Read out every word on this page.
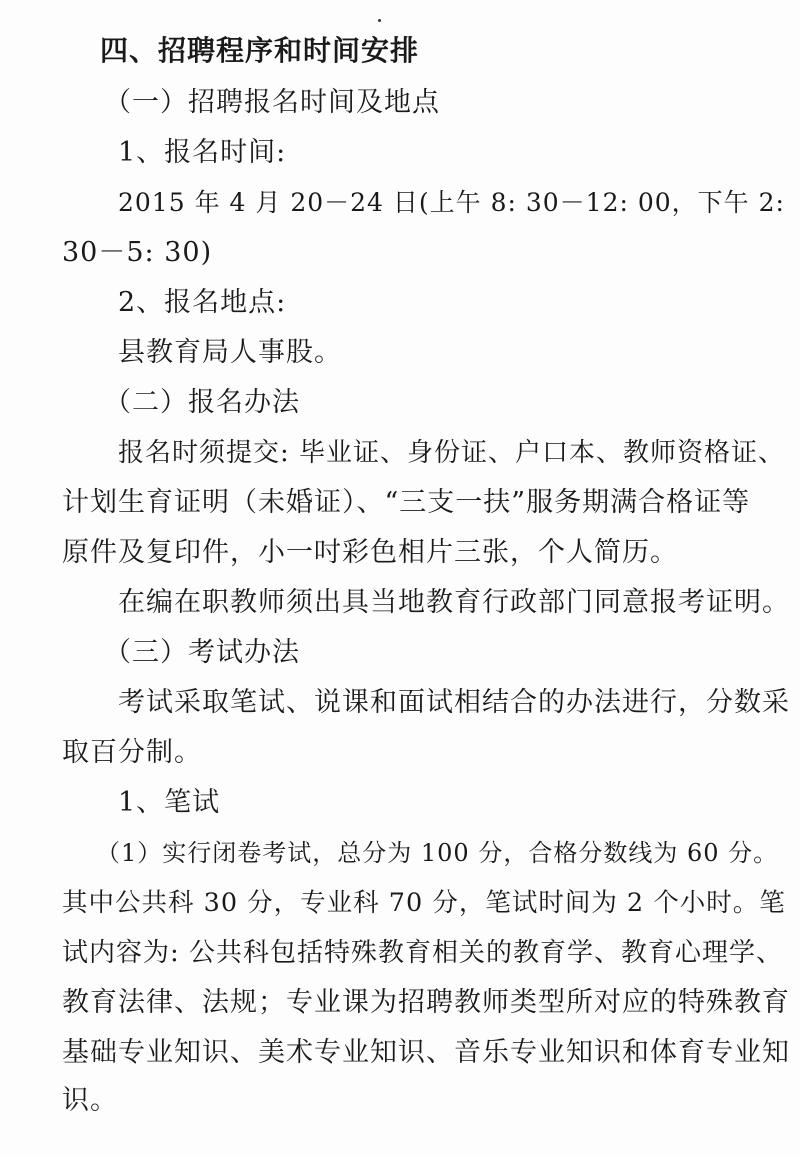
四、招聘程序和时间安排
（一）招聘报名时间及地点
1、报名时间:
2015 年 4 月 20－24 日(上午 8: 30－12: 00，下午 2:
30－5: 30)
2、报名地点:
县教育局人事股。
（二）报名办法
报名时须提交: 毕业证、身份证、户口本、教师资格证、
计划生育证明（未婚证）、“三支一扶”服务期满合格证等
原件及复印件，小一吋彩色相片三张，个人简历。
在编在职教师须出具当地教育行政部门同意报考证明。
（三）考试办法
考试采取笔试、说课和面试相结合的办法进行，分数采
取百分制。
1、笔试
（1）实行闭卷考试，总分为 100 分，合格分数线为 60 分。
其中公共科 30 分，专业科 70 分，笔试时间为 2 个小时。笔
试内容为: 公共科包括特殊教育相关的教育学、教育心理学、
教育法律、法规；专业课为招聘教师类型所对应的特殊教育
基础专业知识、美术专业知识、音乐专业知识和体育专业知
识。
